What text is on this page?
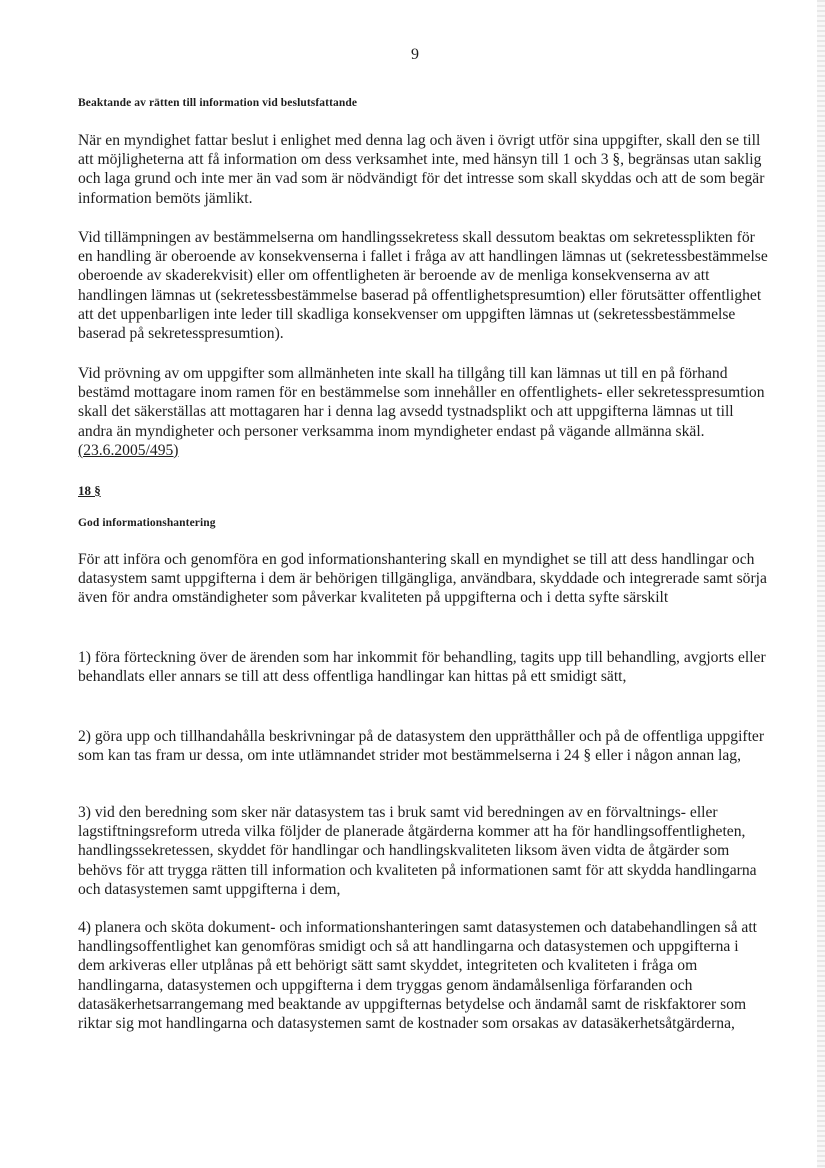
9
Beaktande av rätten till information vid beslutsfattande

När en myndighet fattar beslut i enlighet med denna lag och även i övrigt utför sina uppgifter, skall den se till att möjligheterna att få information om dess verksamhet inte, med hänsyn till 1 och 3 §, begränsas utan saklig och laga grund och inte mer än vad som är nödvändigt för det intresse som skall skyddas och att de som begär information bemöts jämlikt.

Vid tillämpningen av bestämmelserna om handlingssekretess skall dessutom beaktas om sekretessplikten för en handling är oberoende av konsekvenserna i fallet i fråga av att handlingen lämnas ut (sekretessbestämmelse oberoende av skaderekvisit) eller om offentligheten är beroende av de menliga konsekvenserna av att handlingen lämnas ut (sekretessbestämmelse baserad på offentlighetspresumtion) eller förutsätter offentlighet att det uppenbarligen inte leder till skadliga konsekvenser om uppgiften lämnas ut (sekretessbestämmelse baserad på sekretesspresumtion).

Vid prövning av om uppgifter som allmänheten inte skall ha tillgång till kan lämnas ut till en på förhand bestämd mottagare inom ramen för en bestämmelse som innehåller en offentlighets- eller sekretesspresumtion skall det säkerställas att mottagaren har i denna lag avsedd tystnadsplikt och att uppgifterna lämnas ut till andra än myndigheter och personer verksamma inom myndigheter endast på vägande allmänna skäl. (23.6.2005/495)

18 §
God informationshantering

För att införa och genomföra en god informationshantering skall en myndighet se till att dess handlingar och datasystem samt uppgifterna i dem är behörigen tillgängliga, användbara, skyddade och integrerade samt sörja även för andra omständigheter som påverkar kvaliteten på uppgifterna och i detta syfte särskilt

1) föra förteckning över de ärenden som har inkommit för behandling, tagits upp till behandling, avgjorts eller behandlats eller annars se till att dess offentliga handlingar kan hittas på ett smidigt sätt,

2) göra upp och tillhandahålla beskrivningar på de datasystem den upprätthåller och på de offentliga uppgifter som kan tas fram ur dessa, om inte utlämnandet strider mot bestämmelserna i 24 § eller i någon annan lag,

3) vid den beredning som sker när datasystem tas i bruk samt vid beredningen av en förvaltnings- eller lagstiftningsreform utreda vilka följder de planerade åtgärderna kommer att ha för handlingsoffentligheten, handlingssekretessen, skyddet för handlingar och handlingskvaliteten liksom även vidta de åtgärder som behövs för att trygga rätten till information och kvaliteten på informationen samt för att skydda handlingarna och datasystemen samt uppgifterna i dem,

4) planera och sköta dokument- och informationshanteringen samt datasystemen och databehandlingen så att handlingsoffentlighet kan genomföras smidigt och så att handlingarna och datasystemen och uppgifterna i dem arkiveras eller utplånas på ett behörigt sätt samt skyddet, integriteten och kvaliteten i fråga om handlingarna, datasystemen och uppgifterna i dem tryggas genom ändamålsenliga förfaranden och datasäkerhetsarrangemang med beaktande av uppgifternas betydelse och ändamål samt de riskfaktorer som riktar sig mot handlingarna och datasystemen samt de kostnader som orsakas av datasäkerhetsåtgärderna,
